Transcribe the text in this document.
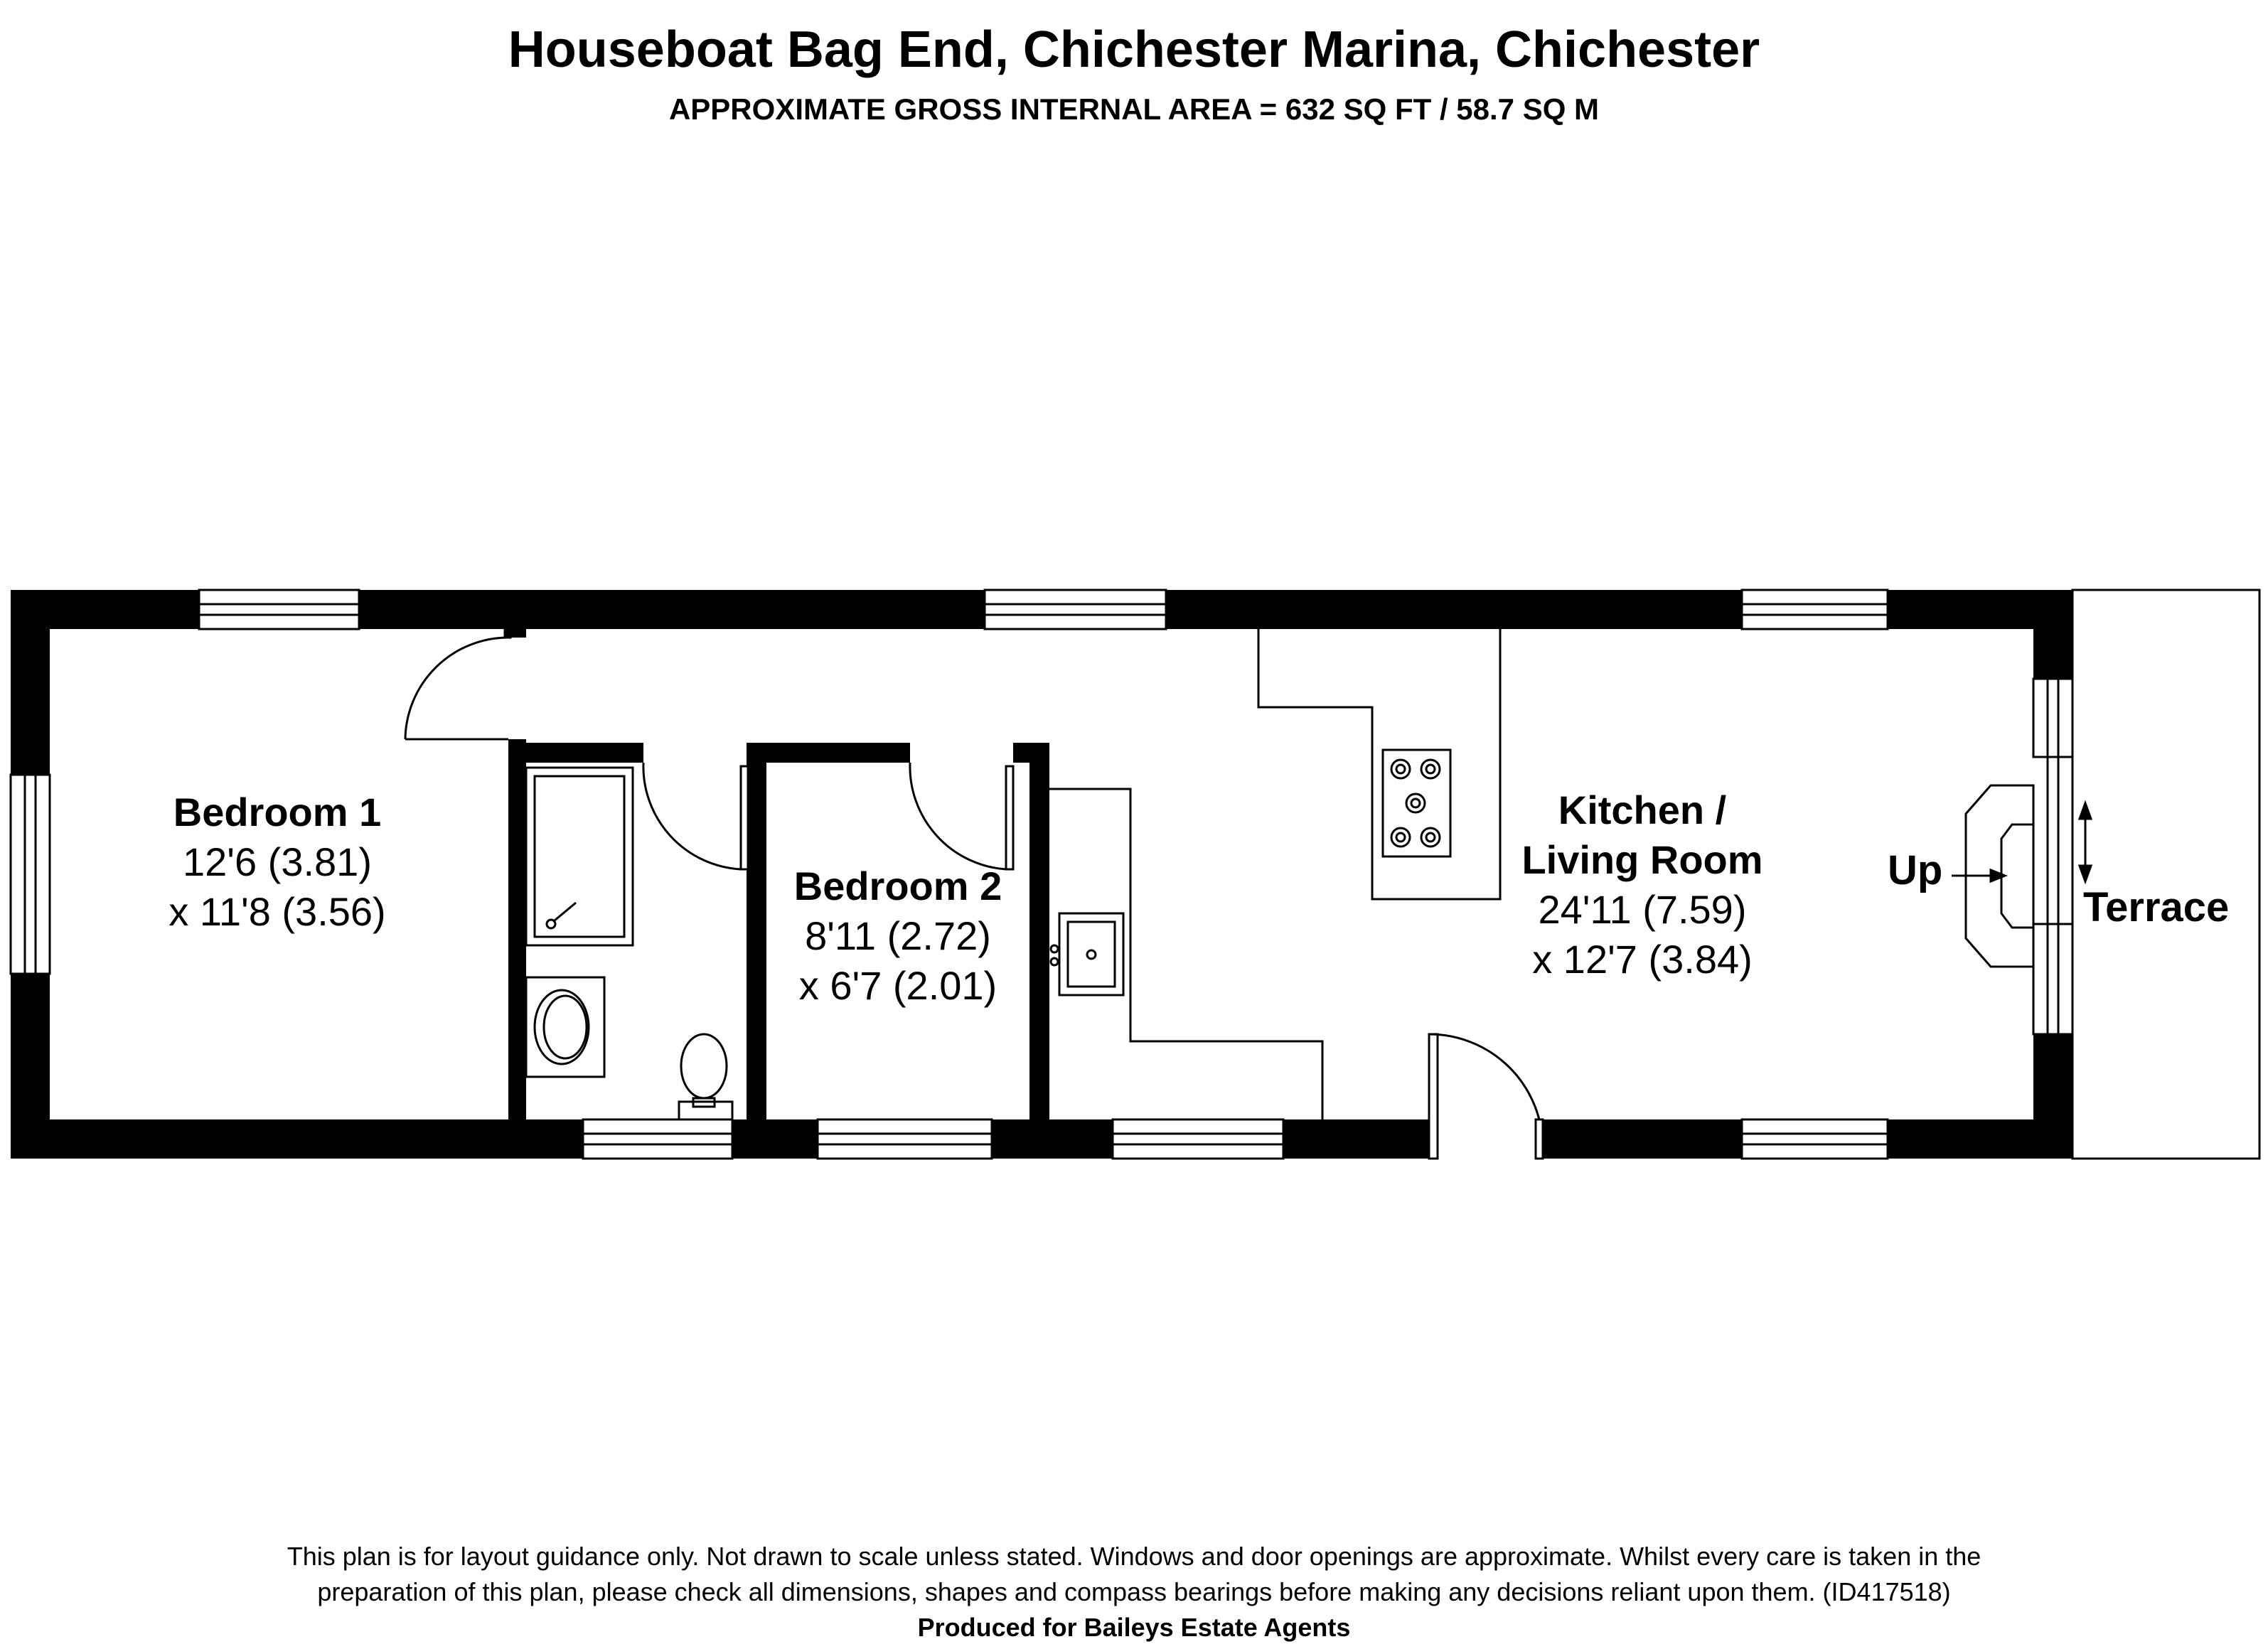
Houseboat Bag End, Chichester Marina, Chichester
APPROXIMATE GROSS INTERNAL AREA = 632 SQ FT / 58.7 SQ M
Bedroom 1
12'6 (3.81)
x 11'8 (3.56)
Bedroom 2
8'11 (2.72)
x 6'7 (2.01)
Kitchen /
Living Room
24'11 (7.59)
x 12'7 (3.84)
Up
Terrace
This plan is for layout guidance only. Not drawn to scale unless stated. Windows and door openings are approximate. Whilst every care is taken in the
preparation of this plan, please check all dimensions, shapes and compass bearings before making any decisions reliant upon them. (ID417518)
Produced for Baileys Estate Agents
